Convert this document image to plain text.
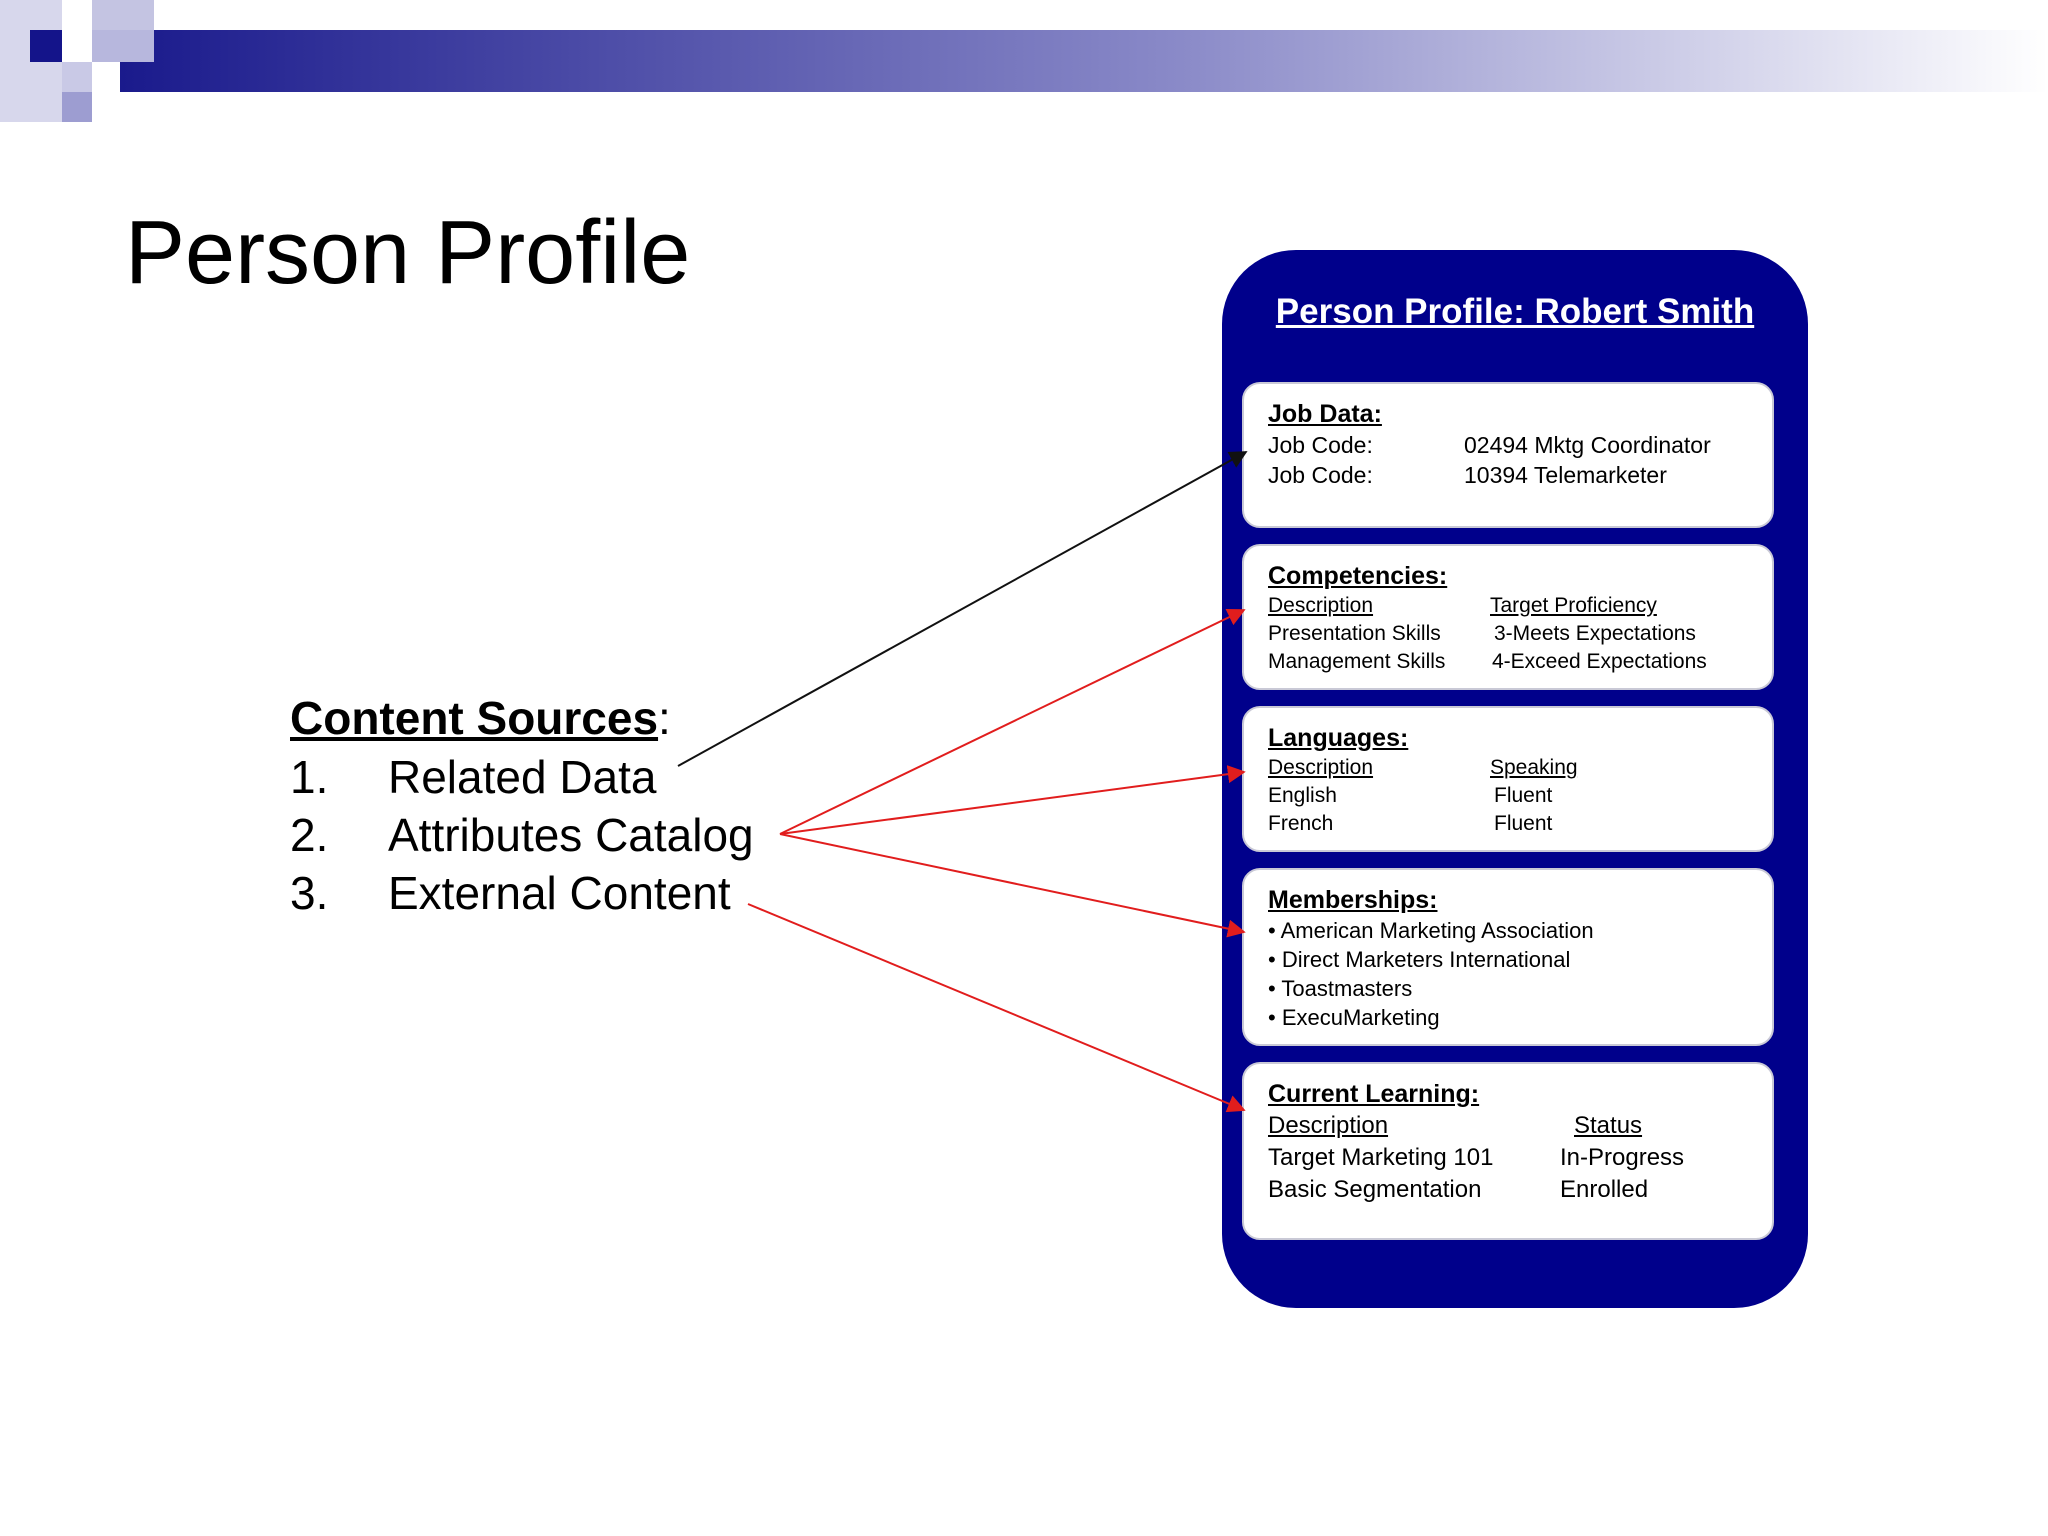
Person Profile
Content Sources:
1. Related Data
2. Attributes Catalog
3. External Content
Person Profile: Robert Smith
Job Data:
Job Code:	02494 Mktg Coordinator
Job Code:	10394 Telemarketer
Competencies:
Description	Target Proficiency
Presentation Skills	3-Meets Expectations
Management Skills	4-Exceed Expectations
Languages:
Description	Speaking
English	Fluent
French	Fluent
Memberships:
• American Marketing Association
• Direct Marketers International
• Toastmasters
• ExecuMarketing
Current Learning:
Description	Status
Target Marketing 101	In-Progress
Basic Segmentation	Enrolled
